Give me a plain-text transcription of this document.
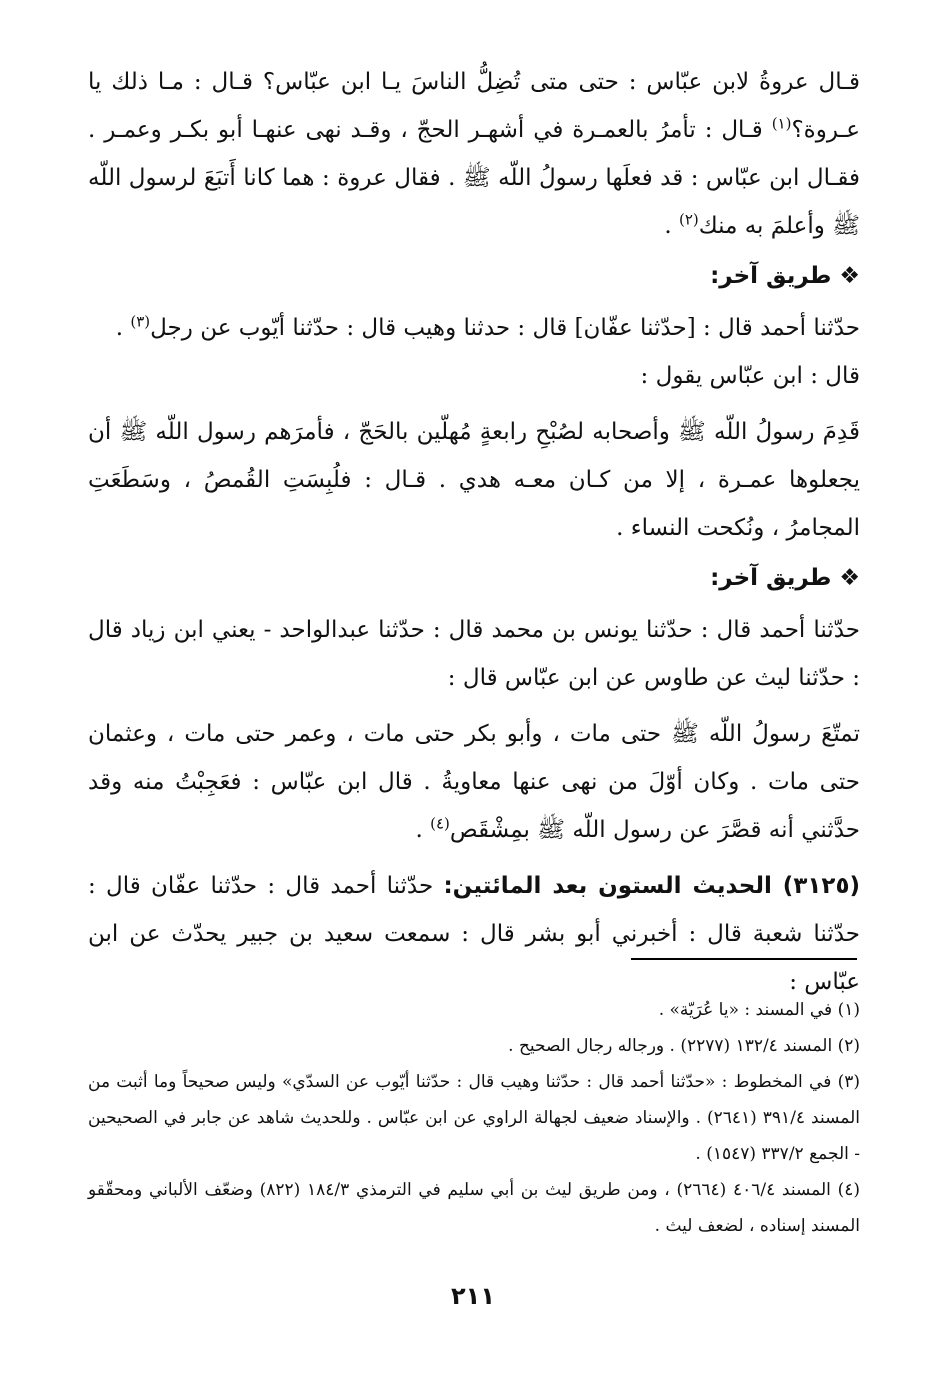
قـال عروةُ لابن عبّاس : حتى متى تُضِلُّ الناسَ يـا ابن عبّاس؟ قـال : مـا ذلك يا عـروة؟$^{(١)}$ قـال : تأمرُ بالعمـرة في أشهـر الحجّ ، وقـد نهى عنهـا أبو بكـر وعمـر . فقـال ابن عبّاس : قد فعلَها رسولُ اللّه ﷺ . فقال عروة : هما كانا أَتبَعَ لرسول اللّه ﷺ وأعلمَ به منك$^{(٢)}$ .

❖طريق آخر:

حدّثنا أحمد قال : [حدّثنا عفّان] قال : حدثنا وهيب قال : حدّثنا أيّوب عن رجل$^{(٣)}$ .
قال : ابن عبّاس يقول :

قَدِمَ رسولُ اللّه ﷺ وأصحابه لصُبْحِ رابعةٍ مُهلّين بالحَجّ ، فأمرَهم رسول اللّه ﷺ أن يجعلوها عمـرة ، إلا من كـان معـه هدي . قـال : فلُبِسَتِ القُمصُ ، وسَطَعَتِ المجامرُ ، ونُكحت النساء .

❖طريق آخر:

حدّثنا أحمد قال : حدّثنا يونس بن محمد قال : حدّثنا عبدالواحد - يعني ابن زياد قال : حدّثنا ليث عن طاوس عن ابن عبّاس قال :

تمتّعَ رسولُ اللّه ﷺ حتى مات ، وأبو بكر حتى مات ، وعمر حتى مات ، وعثمان حتى مات . وكان أوّلَ من نهى عنها معاويةُ . قال ابن عبّاس : فعَجِبْتُ منه وقد حدَّثني أنه قصَّرَ عن رسول اللّه ﷺ بمِشْقَص$^{(٤)}$ .

(٣١٢٥) الحديث الستون بعد المائتين: حدّثنا أحمد قال : حدّثنا عفّان قال : حدّثنا شعبة قال : أخبرني أبو بشر قال : سمعت سعيد بن جبير يحدّث عن ابن عبّاس :

(١) في المسند : «يا عُرَيّة» .

(٢) المسند ١٣٢/٤ (٢٢٧٧) . ورجاله رجال الصحيح .

(٣) في المخطوط : «حدّثنا أحمد قال : حدّثنا وهيب قال : حدّثنا أيّوب عن السدّي» وليس صحيحاً وما أثبت من المسند ٣٩١/٤ (٢٦٤١) . والإسناد ضعيف لجهالة الراوي عن ابن عبّاس . وللحديث شاهد عن جابر في الصحيحين - الجمع ٣٣٧/٢ (١٥٤٧) .

(٤) المسند ٤٠٦/٤ (٢٦٦٤) ، ومن طريق ليث بن أبي سليم في الترمذي ١٨٤/٣ (٨٢٢) وضعّف الألباني ومحقّقو المسند إسناده ، لضعف ليث .

٢١١
